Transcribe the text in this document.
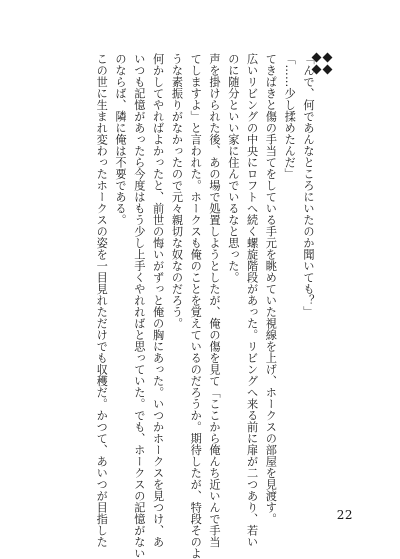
「んで、何であんなところにいたのか聞いても？」

「……少し揉めたんだ」

てきぱきと傷の手当てをしている手元を眺めていた視線を上げ、ホークスの部屋を見渡す。

広いリビングの中央にロフトへ続く螺旋階段があった。リビングへ来る前に扉が二つあり、若い

のに随分といい家に住んでいるなと思った。

声を掛けられた後、あの場で処置しようとしたが、俺の傷を見て「ここから俺んち近いんで手当

てしますよ」と言われた。ホークスも俺のことを覚えているのだろうか。期待したが、特段そのよ

うな素振りがなかったので元々親切な奴なのだろう。

何かしてやればよかったと、前世の悔いがずっと俺の胸にあった。いつかホークスを見つけ、あ

いつも記憶があったら今度はもう少し上手くやれればと思っていた。でも、ホークスの記憶がない

のならば、隣に俺は不要である。

この世に生まれ変わったホークスの姿を一目見れただけでも収穫だ。かつて、あいつが目指した	22
